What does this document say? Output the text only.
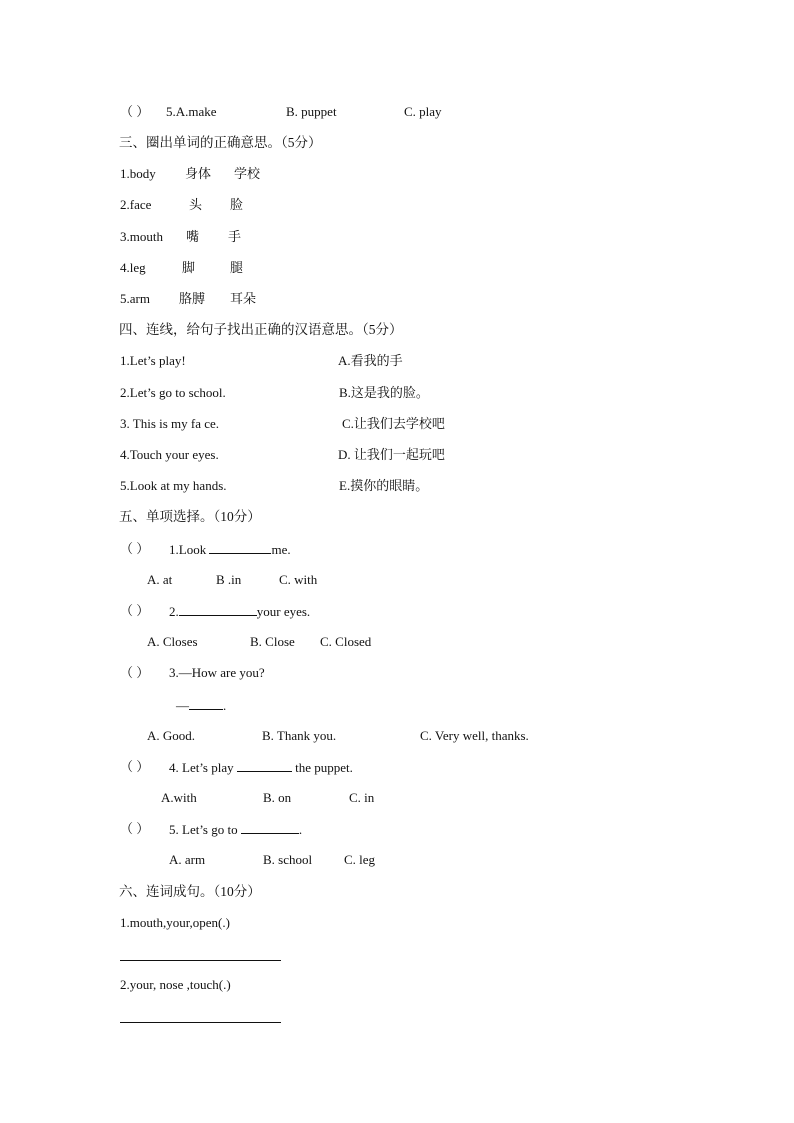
（ ） 5.A.make	B. puppet	C. play
三、圈出单词的正确意思。（5分）
1.body 身体 学校
2.face	头 脸
3.mouth 嘴 手
4.leg	脚	腿
5.arm 胳膊 耳朵
四、连线，给句子找出正确的汉语意思。（5分）
1.Let’s play!	A.看我的手
2.Let’s go to school.	B.这是我的脸。
3. This is my fa ce.	C.让我们去学校吧
4.Touch your eyes.	D. 让我们一起玩吧
5.Look at my hands.	E.摸你的眼睛。
五、单项选择。（10分）
（ ） 1.Look	me.
A. at	B .in	C. with
（ ） 2.	your eyes.
A. Closes	B. Close C. Closed
（ ） 3.—How are you?
—	.
A. Good.	B. Thank you.	C. Very well, thanks.
（ ） 4. Let’s play	the puppet.
A.with	B. on	C. in
（ ） 5. Let’s go to	.
A. arm	B. school C. leg
六、连词成句。（10分）
1.mouth,your,open(.)
2.your, nose ,touch(.)
